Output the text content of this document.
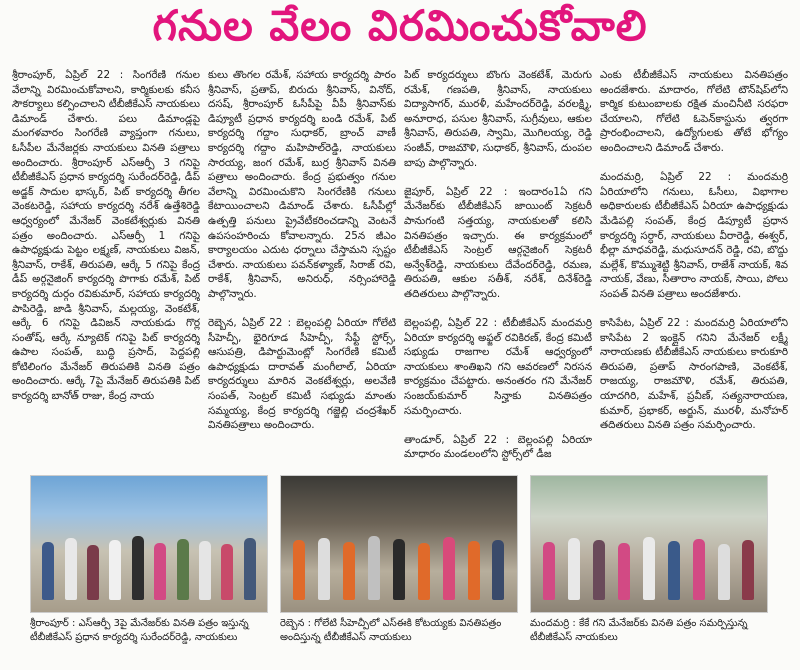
గనుల వేలం విరమించుకోవాలి

శ్రీరాంపూర్, ఏప్రిల్ 22 : సింగరేణి గనుల వేలాన్ని విరమించుకోవాలని, కార్మికులకు కనీస సౌకర్యాలు కల్పించాలని టీబీజీకేఎస్ నాయకులు డిమాండ్ చేశారు. పలు డిమాండ్లపై మంగళవారం సింగరేణి వ్యాప్తంగా గనులు, ఓసీపీల మేనేజర్లకు నాయకులు వినతి పత్రాలు అందించారు. శ్రీరాంపూర్ ఎస్ఆర్పీ 3 గనిపై టీబీజీకేఎస్ ప్రధాన కార్యదర్శి సురేందర్‌రెడ్డి, డీప్ అడ్జక్ సాదుల భాస్కర్, పిట్ కార్యదర్శి తీగల వెంకటరెడ్డి, సహాయ కార్యదర్శి నరేశ్ ఉత్తేశిరెడ్డి ఆధ్వర్యంలో మేనేజర్ వెంకటేశ్వర్లుకు వినతి పత్రం అందించారు. ఎస్ఆర్పీ 1 గనిపై ఉపాధ్యక్షుడు పెట్టం లక్ష్మణ్, నాయకులు విజన్, శ్రీనివాస్, రాకేశ్, తిరుపతి, ఆర్కే 5 గనిపై కేంద్ర డీప్ అర్గనైజింగ్ కార్యదర్శి పొగాకు రమేశ్, పిట్ కార్యదర్శి దుర్గం రవికుమార్, సహాయ కార్యదర్శి పాపిరెడ్డి, జాడి శ్రీనివాస్, మల్లయ్య, వెంకటేశ్, ఆర్కే 6 గనిపై డివిజన్ నాయకుడు గొర్ల సంతోష్, ఆర్కే న్యూటెక్ గనిపై పిట్ కార్యదర్శి ఉపాల సంపత్, బుద్ధి ప్రసాద్, పెద్దపల్లి కోటిలింగం మేనేజర్ తిరుపతికి వినతి పత్రం అందించారు. ఆర్కే 7పై మేనేజర్ తిరుపతికి పిట్ కార్యదర్శి బానోత్ రాజు, కేంద్ర నాయ

కులు తొంగల రమేశ్, సహాయ కార్యదర్శి పారం శ్రీనివాస్, ప్రతాప్, బిరుదు శ్రీనివాస్, వినోద్, దసష్, శ్రీరాంపూర్ ఓసీపీపై వీపీ శ్రీనివాస్‌కు డిప్యూటీ ప్రధాన కార్యదర్శి బండి రమేశ్, పిట్ కార్యదర్శి గద్దాం సుధాకర్, బ్రాంచ్ వాణీ కార్యదర్శి గద్దాం మహిపాల్‌రెడ్డి, నాయకులు సారయ్య, జంగ రమేశ్, బుర్ర శ్రీనివాస్ వినతి పత్రాలు అందించారు. కేంద్ర ప్రభుత్వం గనుల వేలాన్ని విరమించుకొని సింగరేణికి గనులు కేటాయించాలని డిమాండ్ చేశారు. ఓసీపీల్లో ఉత్పత్తి పనులు ప్రైవేటీకరించడాన్ని వెంటనే ఉపసంహరించు కోవాలన్నారు. 25న జీఎం కార్యాలయం ఎదుట ధర్నాలు చేస్తామని స్పష్టం చేశారు. నాయకులు పవన్‌కళ్యాణ్, సిరాజ్ రవి, రాకేశ్, శ్రీనివాస్, అనిరుధ్, నర్సింహారెడ్డి పాల్గొన్నారు.

రెబ్బెన, ఏప్రిల్ 22 : బెల్లంపల్లి ఏరియా గోలేటి సీహెచ్పీ, భైరిగూడ సీహెచ్పీ, సేఫ్టీ స్టోర్స్, ఆసుపత్రి, డిపార్టుమెంట్లో సింగరేణి కమిటీ ఉపాధ్యక్షుడు దారావత్ మంగీలాల్, ఏరియా కార్యదర్శులు మారిన వెంకటేశ్వర్లు, అలవేణి సంపత్, సెంట్రల్ కమిటీ సభ్యుడు మాంతు సమ్మయ్య, కేంద్ర కార్యదర్శి గజ్జెల్లి చంద్రశేఖర్ వినతిపత్రాలు అందించారు.

పిట్ కార్యదర్శులు బొంగు వెంకటేశ్, మెరుగు రమేశ్, గణపతి, శ్రీనివాస్, నాయకులు విద్యాసాగర్, మురళీ, మహేందర్‌రెడ్డి, వరలక్ష్మి, అనూరాధ, పసుల శ్రీనివాస్, సుగ్రీవులు, ఆకుల శ్రీనివాస్, తిరుపతి, స్వామి, మొగిలయ్య, రెడ్డి సంజీవ్, రాజమౌళి, సుధాకర్, శ్రీనివాస్, దుంపల బాపు పాల్గొన్నారు.

జైపూర్, ఏప్రిల్ 22 : ఇందారం1ఏ గని మేనేజర్‌కు టీబీజీకేఎస్ జాయింట్ సెక్రటరీ పానుగంటి సత్తయ్య, నాయకులతో కలిసి వినతిపత్రం ఇచ్చారు. ఈ కార్యక్రమంలో టీబీజీకేఎస్ సెంట్రల్ ఆర్గనైజింగ్ సెక్రటరీ అన్వేశ్‌రెడ్డి, నాయకులు దేవేందర్‌రెడ్డి, రమణ, తిరుపతి, ఆకుల సతీశ్, నరేశ్, దినేశ్‌రెడ్డి తదితరులు పాల్గొన్నారు.

బెల్లంపల్లి, ఏప్రిల్ 22 : టీబీజీకేఎస్ మందమర్రి ఏరియా కార్యదర్శి అఫ్జల్ రవికిరణ్, కేంద్ర కమిటీ సభ్యుడు రాజగాల రమేశ్ ఆధ్వర్యంలో నాయకులు శాంతిఖని గని ఆవరణలో నిరసన కార్యక్రమం చేపట్టారు. అనంతరం గని మేనేజర్ సంజయ్‌కుమార్ సిన్హాకు వినతిపత్రం సమర్పించారు.

తాండూర్, ఏప్రిల్ 22 : బెల్లంపల్లి ఏరియా మాధారం మండలంలోని స్టోర్స్‌లో డీజ

ఎంకు టీబీజీకేఎస్ నాయకులు వినతిపత్రం అందజేశారు. మాదారం, గోలేటి టౌన్‌షిప్‌లోని కార్మిక కుటుంబాలకు రక్షిత మంచినీటి సరఫరా చేయాలని, గోలేటి ఓపెన్‌కాస్టును త్వరగా ప్రారంభించాలని, ఉద్యోగులకు తోటే భోగ్యం అందించాలని డిమాండ్ చేశారు.

మందమర్రి, ఏప్రిల్ 22 : మందమర్రి ఏరియాలోని గనులు, ఓసీలు, విభాగాల అధికారులకు టీబీజీకేఎస్ ఏరియా ఉపాధ్యక్షుడు మేడిపల్లి సంపత్, కేంద్ర డిప్యూటీ ప్రధాన కార్యదర్శి సర్ధార్, నాయకులు వీరారెడ్డి, ఈశ్వర్, భీల్లా మాధవరెడ్డి, మధుసూదన్ రెడ్డి, రవి, బొద్దు మల్లేశ్, కొమ్ముశెట్టి శ్రీనివాస్, రాజేశ్ నాయక్, శివ నాయక్, వేణు, సీతారాం నాయక్, సాయి, పోలు సంపత్ వినతి పత్రాలు అందజేశారు.

కాసిపేట, ఏప్రిల్ 22 : మందమర్రి ఏరియాలోని కాసిపేట 2 ఇంక్లైన్ గనిని మేనేజర్ లక్ష్మీ నారాయణకు టీబీజీకేఎస్ నాయకులు కారుకూరి తిరుపతి, ప్రతాప్ సారంగపాణి, వెంకటేశ్, రాజయ్య, రాజమౌళి, రమేశ్, తిరుపతి, యాదగిరి, మహేశ్, ప్రవీణ్, సత్యనారాయణ, కుమార్, ప్రభాకర్, అర్జున్, మురళీ, మనోహర్ తదితరులు వినతి పత్రం సమర్పించారు.

శ్రీరాంపూర్ : ఎస్ఆర్పీ 3పై మేనేజర్‌కు వినతి పత్రం ఇస్తున్న టీబీజీకేఎస్ ప్రధాన కార్యదర్శి సురేందర్‌రెడ్డి, నాయకులు
రెబ్బెన : గోలేటి సీహెచ్పీలో ఎస్ఈకి కోటయ్యకు వినతిపత్రం అందిస్తున్న టీబీజీకేఎస్ నాయకులు
మందమర్రి : కేకే గని మేనేజర్‌కు వినతి పత్రం సమర్పిస్తున్న టీబీజీకేఎస్ నాయకులు
